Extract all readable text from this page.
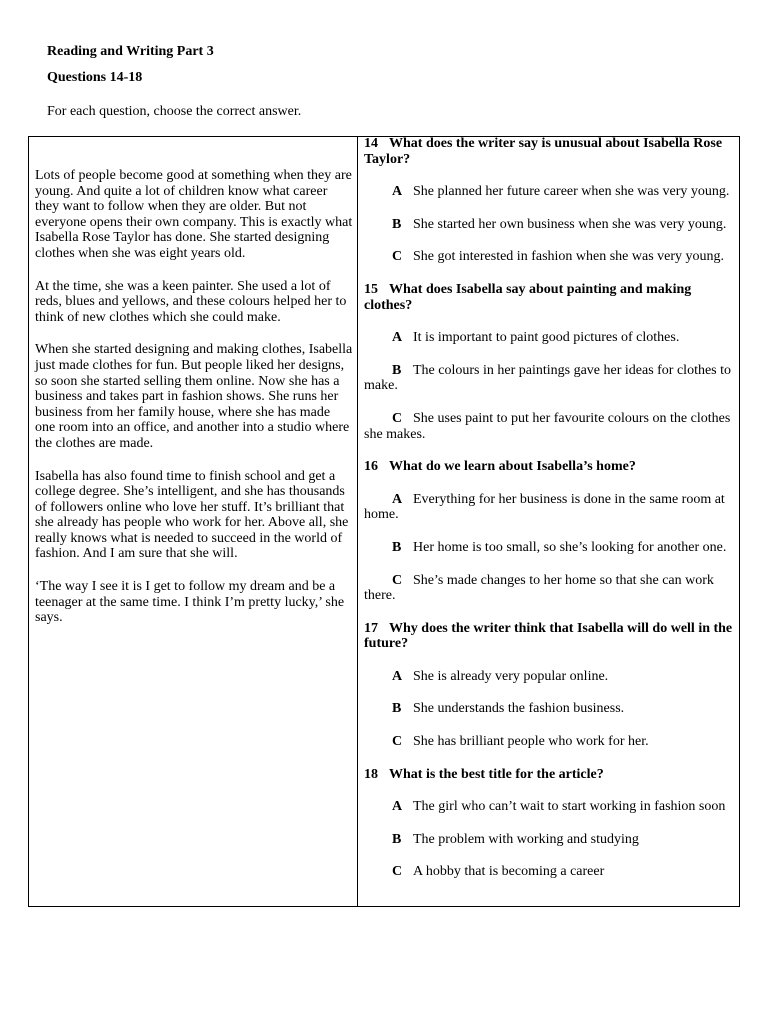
Reading and Writing Part 3
Questions 14-18
For each question, choose the correct answer.

Lots of people become good at something when they are young. And quite a lot of children know what career they want to follow when they are older. But not everyone opens their own company. This is exactly what Isabella Rose Taylor has done. She started designing clothes when she was eight years old.

At the time, she was a keen painter. She used a lot of reds, blues and yellows, and these colours helped her to think of new clothes which she could make.

When she started designing and making clothes, Isabella just made clothes for fun. But people liked her designs, so soon she started selling them online. Now she has a business and takes part in fashion shows. She runs her business from her family house, where she has made one room into an office, and another into a studio where the clothes are made.

Isabella has also found time to finish school and get a college degree. She’s intelligent, and she has thousands of followers online who love her stuff. It’s brilliant that she already has people who work for her. Above all, she really knows what is needed to succeed in the world of fashion. And I am sure that she will.

‘The way I see it is I get to follow my dream and be a teenager at the same time. I think I’m pretty lucky,’ she says.

14 What does the writer say is unusual about Isabella Rose Taylor?

A She planned her future career when she was very young.

B She started her own business when she was very young.

C She got interested in fashion when she was very young.

15 What does Isabella say about painting and making clothes?

A It is important to paint good pictures of clothes.

B The colours in her paintings gave her ideas for clothes to make.

C She uses paint to put her favourite colours on the clothes she makes.

16 What do we learn about Isabella’s home?

A Everything for her business is done in the same room at home.

B Her home is too small, so she’s looking for another one.

C She’s made changes to her home so that she can work there.

17 Why does the writer think that Isabella will do well in the future?

A She is already very popular online.

B She understands the fashion business.

C She has brilliant people who work for her.

18 What is the best title for the article?

A The girl who can’t wait to start working in fashion soon

B The problem with working and studying

C A hobby that is becoming a career
